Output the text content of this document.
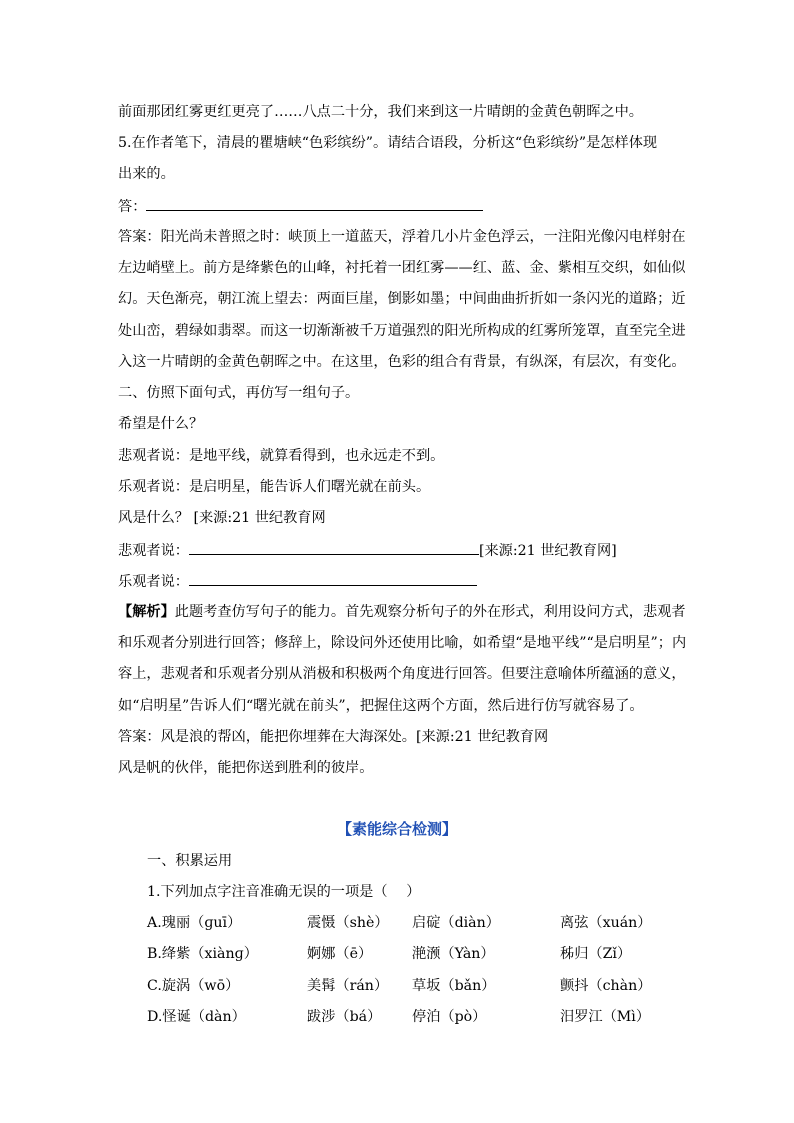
前面那团红雾更红更亮了……八点二十分，我们来到这一片晴朗的金黄色朝晖之中。
5.在作者笔下，清晨的瞿塘峡“色彩缤纷”。请结合语段，分析这“色彩缤纷”是怎样体现
出来的。
答：
答案：阳光尚未普照之时：峡顶上一道蓝天，浮着几小片金色浮云，一注阳光像闪电样射在
左边峭壁上。前方是绛紫色的山峰，衬托着一团红雾——红、蓝、金、紫相互交织，如仙似
幻。天色渐亮，朝江流上望去：两面巨崖，倒影如墨；中间曲曲折折如一条闪光的道路；近
处山峦，碧绿如翡翠。而这一切渐渐被千万道强烈的阳光所构成的红雾所笼罩，直至完全进
入这一片晴朗的金黄色朝晖之中。在这里，色彩的组合有背景，有纵深，有层次，有变化。
二、仿照下面句式，再仿写一组句子。
希望是什么？
悲观者说：是地平线，就算看得到，也永远走不到。
乐观者说：是启明星，能告诉人们曙光就在前头。
风是什么？ [来源:21 世纪教育网
悲观者说：	[来源:21 世纪教育网]
乐观者说：
【解析】此题考查仿写句子的能力。首先观察分析句子的外在形式，利用设问方式，悲观者
和乐观者分别进行回答；修辞上，除设问外还使用比喻，如希望“是地平线”“是启明星”；内
容上，悲观者和乐观者分别从消极和积极两个角度进行回答。但要注意喻体所蕴涵的意义，
如“启明星”告诉人们“曙光就在前头”，把握住这两个方面，然后进行仿写就容易了。
答案：风是浪的帮凶，能把你埋葬在大海深处。[来源:21 世纪教育网
风是帆的伙伴，能把你送到胜利的彼岸。
【素能综合检测】
一、积累运用
1.下列加点字注音准确无误的一项是（　 ）
A.瑰丽（ɡuī）	震慑（shè） 启碇（diàn）	离弦（xuán）
B.绛紫（xiànɡ）	婀娜（ē）	滟滪（Yàn）	秭归（Zǐ）
C.旋涡（wō）	美髯（rán） 草坂（bǎn）	颤抖（chàn）
D.怪诞（dàn）	跋涉（bá） 停泊（pò）	汨罗江（Mì）
